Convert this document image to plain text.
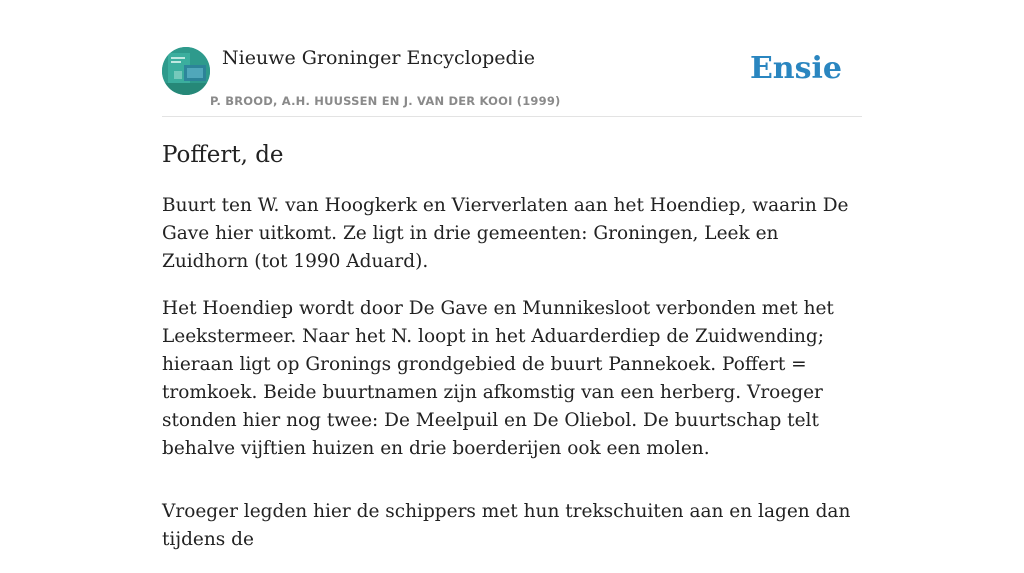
Nieuwe Groninger Encyclopedie
P. BROOD, A.H. HUUSSEN EN J. VAN DER KOOI (1999)
Ensie
Poffert, de

Buurt ten W. van Hoogkerk en Vierverlaten aan het Hoendiep, waarin De Gave hier uitkomt. Ze ligt in drie gemeenten: Groningen, Leek en Zuidhorn (tot 1990 Aduard).

Het Hoendiep wordt door De Gave en Munnikesloot verbonden met het Leekstermeer. Naar het N. loopt in het Aduarderdiep de Zuidwending; hieraan ligt op Gronings grondgebied de buurt Pannekoek. Poffert = tromkoek. Beide buurtnamen zijn afkomstig van een herberg. Vroeger stonden hier nog twee: De Meelpuil en De Oliebol. De buurtschap telt behalve vijftien huizen en drie boerderijen ook een molen.

Vroeger legden hier de schippers met hun trekschuiten aan en lagen dan tijdens de
